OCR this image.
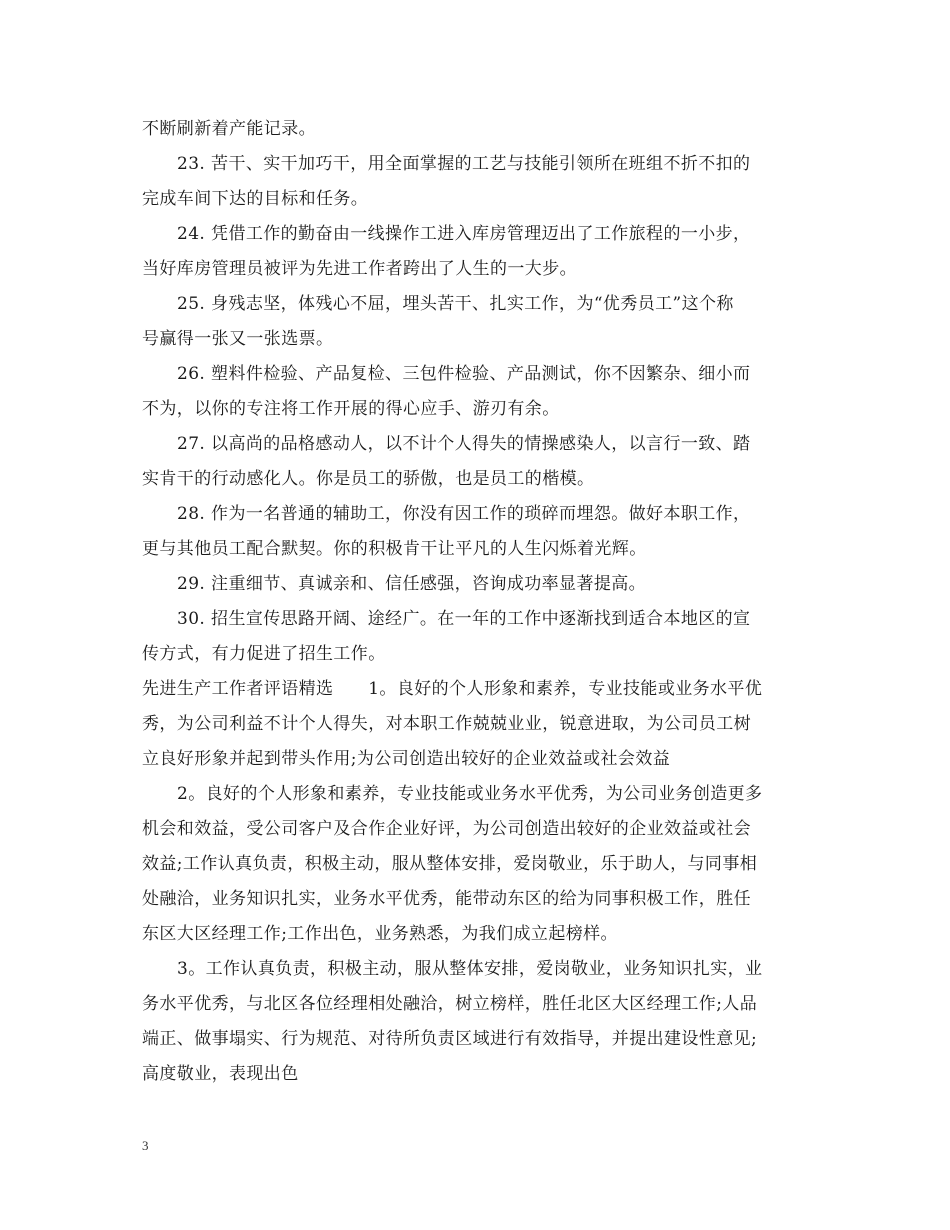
不断刷新着产能记录。
23. 苦干、实干加巧干，用全面掌握的工艺与技能引领所在班组不折不扣的
完成车间下达的目标和任务。
24. 凭借工作的勤奋由一线操作工进入库房管理迈出了工作旅程的一小步，
当好库房管理员被评为先进工作者跨出了人生的一大步。
25. 身残志坚，体残心不屈，埋头苦干、扎实工作，为“优秀员工”这个称
号赢得一张又一张选票。
26. 塑料件检验、产品复检、三包件检验、产品测试，你不因繁杂、细小而
不为，以你的专注将工作开展的得心应手、游刃有余。
27. 以高尚的品格感动人，以不计个人得失的情操感染人，以言行一致、踏
实肯干的行动感化人。你是员工的骄傲，也是员工的楷模。
28. 作为一名普通的辅助工，你没有因工作的琐碎而埋怨。做好本职工作，
更与其他员工配合默契。你的积极肯干让平凡的人生闪烁着光辉。
29. 注重细节、真诚亲和、信任感强，咨询成功率显著提高。
30. 招生宣传思路开阔、途经广。在一年的工作中逐渐找到适合本地区的宣
传方式，有力促进了招生工作。
先进生产工作者评语精选　　1。良好的个人形象和素养，专业技能或业务水平优
秀，为公司利益不计个人得失，对本职工作兢兢业业，锐意进取，为公司员工树
立良好形象并起到带头作用;为公司创造出较好的企业效益或社会效益
2。良好的个人形象和素养，专业技能或业务水平优秀，为公司业务创造更多
机会和效益，受公司客户及合作企业好评，为公司创造出较好的企业效益或社会
效益;工作认真负责，积极主动，服从整体安排，爱岗敬业，乐于助人，与同事相
处融洽，业务知识扎实，业务水平优秀，能带动东区的给为同事积极工作，胜任
东区大区经理工作;工作出色，业务熟悉，为我们成立起榜样。
3。工作认真负责，积极主动，服从整体安排，爱岗敬业，业务知识扎实，业
务水平优秀，与北区各位经理相处融洽，树立榜样，胜任北区大区经理工作;人品
端正、做事塌实、行为规范、对待所负责区域进行有效指导，并提出建设性意见;
高度敬业，表现出色
3
